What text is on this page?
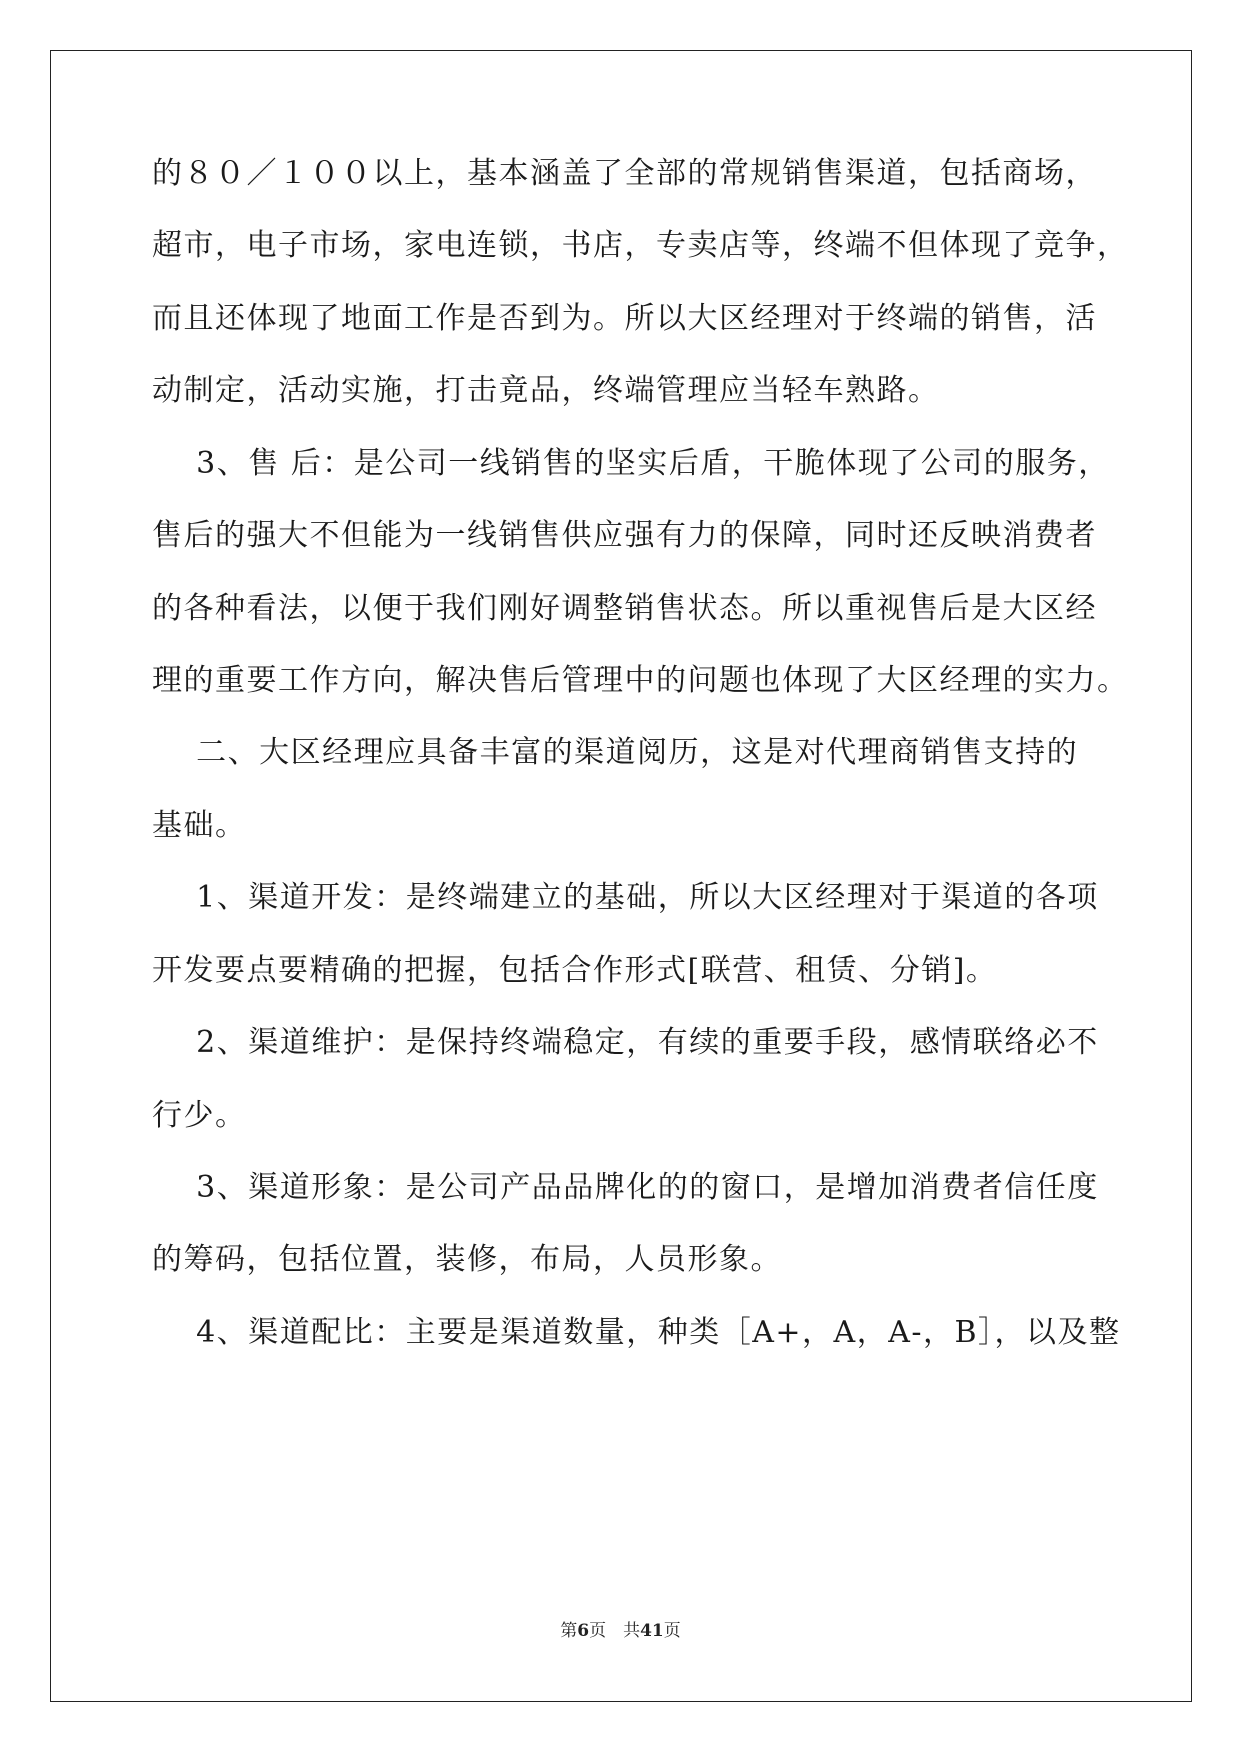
的８０／１００以上，基本涵盖了全部的常规销售渠道，包括商场，
超市，电子市场，家电连锁，书店，专卖店等，终端不但体现了竞争，
而且还体现了地面工作是否到为。所以大区经理对于终端的销售，活
动制定，活动实施，打击竟品，终端管理应当轻车熟路。
3、售 后：是公司一线销售的坚实后盾，干脆体现了公司的服务，
售后的强大不但能为一线销售供应强有力的保障，同时还反映消费者
的各种看法，以便于我们刚好调整销售状态。所以重视售后是大区经
理的重要工作方向，解决售后管理中的问题也体现了大区经理的实力。
二、大区经理应具备丰富的渠道阅历，这是对代理商销售支持的
基础。
1、渠道开发：是终端建立的基础，所以大区经理对于渠道的各项
开发要点要精确的把握，包括合作形式[联营、租赁、分销]。
2、渠道维护：是保持终端稳定，有续的重要手段，感情联络必不
行少。
3、渠道形象：是公司产品品牌化的的窗口，是增加消费者信任度
的筹码，包括位置，装修，布局，人员形象。
4、渠道配比：主要是渠道数量，种类［A+，A，A-，B］，以及整
第6页　共41页
